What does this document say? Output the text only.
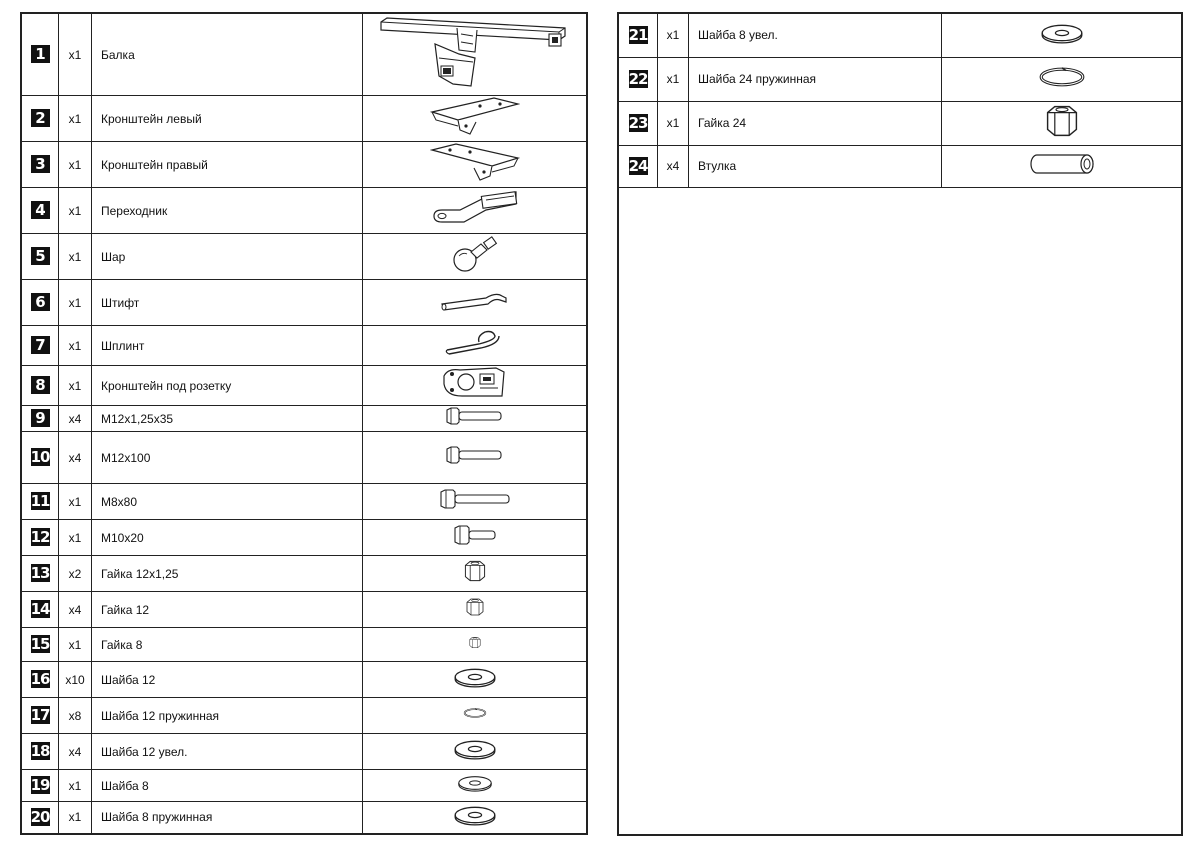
1	x1	Балка	

2	x1	Кронштейн левый	

3	x1	Кронштейн правый	

4	x1	Переходник	

5	x1	Шар	

6	x1	Штифт	

7	x1	Шплинт	

8	x1	Кронштейн под розетку	

9	x4	M12x1,25x35	

10	x4	M12x100	

11	x1	M8x80	

12	x1	M10x20	

13	x2	Гайка 12x1,25	

14	x4	Гайка 12	

15	x1	Гайка 8	

16	x10	Шайба 12	

17	x8	Шайба 12 пружинная	

18	x4	Шайба 12 увел.	

19	x1	Шайба 8	

20	x1	Шайба 8 пружинная	
21	x1	Шайба 8 увел.	

22	x1	Шайба 24 пружинная	

23	x1	Гайка 24	

24	x4	Втулка	
